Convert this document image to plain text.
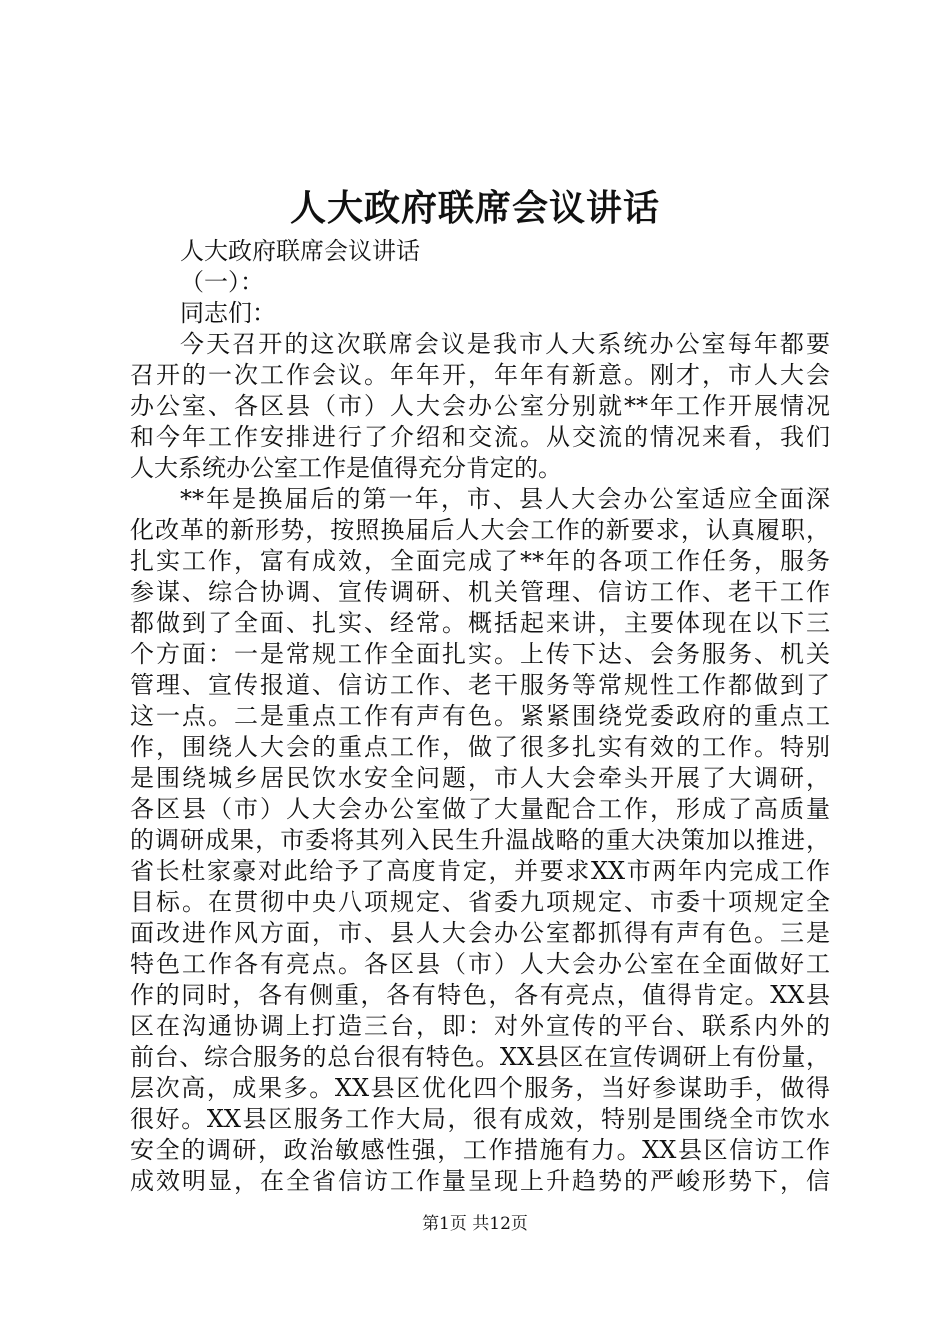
人大政府联席会议讲话
人大政府联席会议讲话
（一）：
同志们：
今天召开的这次联席会议是我市人大系统办公室每年都要
召开的一次工作会议。年年开，年年有新意。刚才，市人大会
办公室、各区县（市）人大会办公室分别就**年工作开展情况
和今年工作安排进行了介绍和交流。从交流的情况来看，我们
人大系统办公室工作是值得充分肯定的。
**年是换届后的第一年，市、县人大会办公室适应全面深
化改革的新形势，按照换届后人大会工作的新要求，认真履职，
扎实工作，富有成效，全面完成了**年的各项工作任务，服务
参谋、综合协调、宣传调研、机关管理、信访工作、老干工作
都做到了全面、扎实、经常。概括起来讲，主要体现在以下三
个方面：一是常规工作全面扎实。上传下达、会务服务、机关
管理、宣传报道、信访工作、老干服务等常规性工作都做到了
这一点。二是重点工作有声有色。紧紧围绕党委政府的重点工
作，围绕人大会的重点工作，做了很多扎实有效的工作。特别
是围绕城乡居民饮水安全问题，市人大会牵头开展了大调研，
各区县（市）人大会办公室做了大量配合工作，形成了高质量
的调研成果，市委将其列入民生升温战略的重大决策加以推进，
省长杜家豪对此给予了高度肯定，并要求XX市两年内完成工作
目标。在贯彻中央八项规定、省委九项规定、市委十项规定全
面改进作风方面，市、县人大会办公室都抓得有声有色。三是
特色工作各有亮点。各区县（市）人大会办公室在全面做好工
作的同时，各有侧重，各有特色，各有亮点，值得肯定。XX县
区在沟通协调上打造三台，即：对外宣传的平台、联系内外的
前台、综合服务的总台很有特色。XX县区在宣传调研上有份量，
层次高，成果多。XX县区优化四个服务，当好参谋助手，做得
很好。XX县区服务工作大局，很有成效，特别是围绕全市饮水
安全的调研，政治敏感性强，工作措施有力。XX县区信访工作
成效明显，在全省信访工作量呈现上升趋势的严峻形势下，信
第1页 共12页
